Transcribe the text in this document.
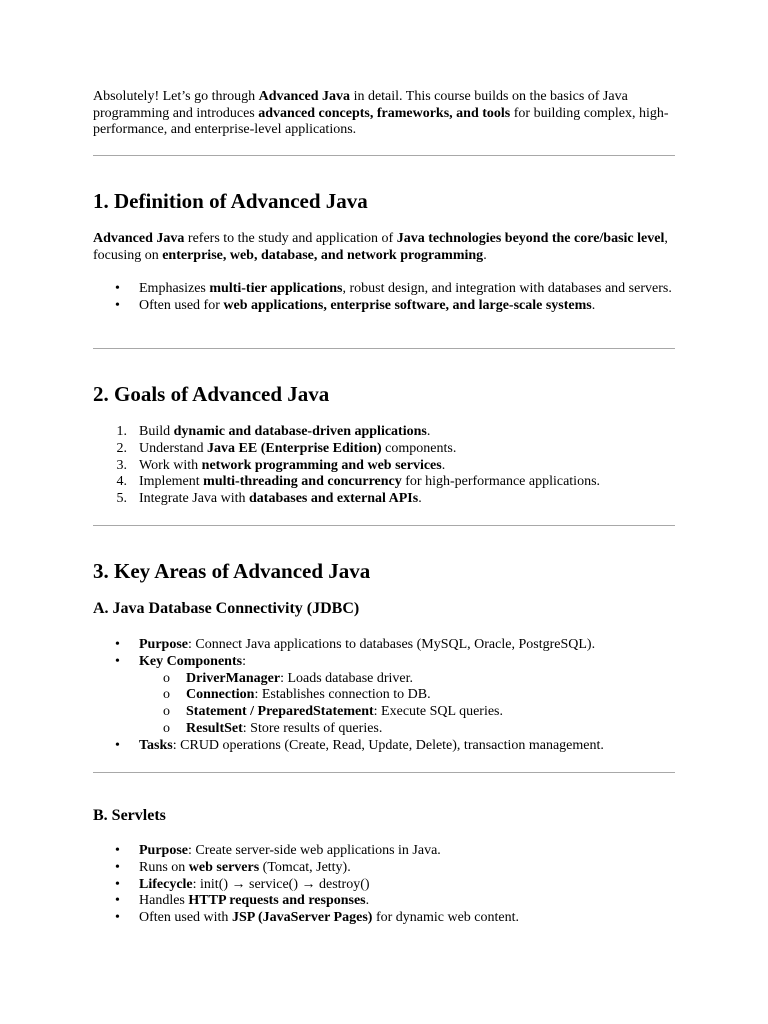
Absolutely! Let’s go through Advanced Java in detail. This course builds on the basics of Java programming and introduces advanced concepts, frameworks, and tools for building complex, high-performance, and enterprise-level applications.

1. Definition of Advanced Java

Advanced Java refers to the study and application of Java technologies beyond the core/basic level, focusing on enterprise, web, database, and network programming.

• Emphasizes multi-tier applications, robust design, and integration with databases and servers.
• Often used for web applications, enterprise software, and large-scale systems.
2. Goals of Advanced Java
1. Build dynamic and database-driven applications.
2. Understand Java EE (Enterprise Edition) components.
3. Work with network programming and web services.
4. Implement multi-threading and concurrency for high-performance applications.
5. Integrate Java with databases and external APIs.
3. Key Areas of Advanced Java
A. Java Database Connectivity (JDBC)
• Purpose: Connect Java applications to databases (MySQL, Oracle, PostgreSQL).
• Key Components:
o DriverManager: Loads database driver.
o Connection: Establishes connection to DB.
o Statement / PreparedStatement: Execute SQL queries.
o ResultSet: Store results of queries.
• Tasks: CRUD operations (Create, Read, Update, Delete), transaction management.
B. Servlets
• Purpose: Create server-side web applications in Java.
• Runs on web servers (Tomcat, Jetty).
• Lifecycle: init() → service() → destroy()
• Handles HTTP requests and responses.
• Often used with JSP (JavaServer Pages) for dynamic web content.
